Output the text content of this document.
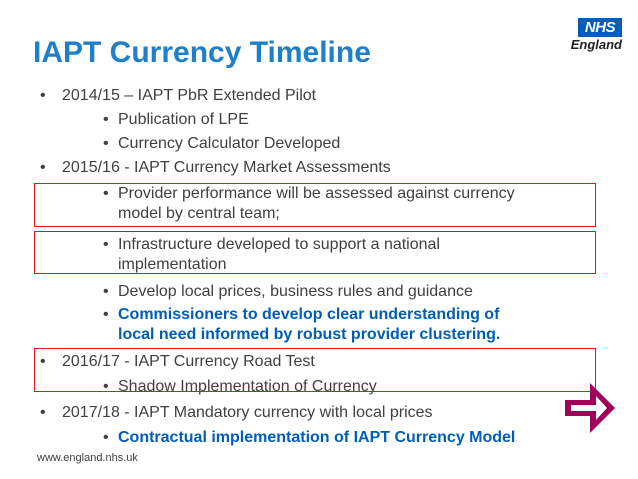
IAPT Currency Timeline
NHS
England
• 2014/15 – IAPT PbR Extended Pilot
• Publication of LPE
• Currency Calculator Developed
• 2015/16 - IAPT Currency Market Assessments
• Provider performance will be assessed against currency
model by central team;
• Infrastructure developed to support a national
implementation
• Develop local prices, business rules and guidance
• Commissioners to develop clear understanding of
local need informed by robust provider clustering.
• 2016/17 - IAPT Currency Road Test
• Shadow Implementation of Currency
• 2017/18 - IAPT Mandatory currency with local prices
• Contractual implementation of IAPT Currency Model
www.england.nhs.uk
